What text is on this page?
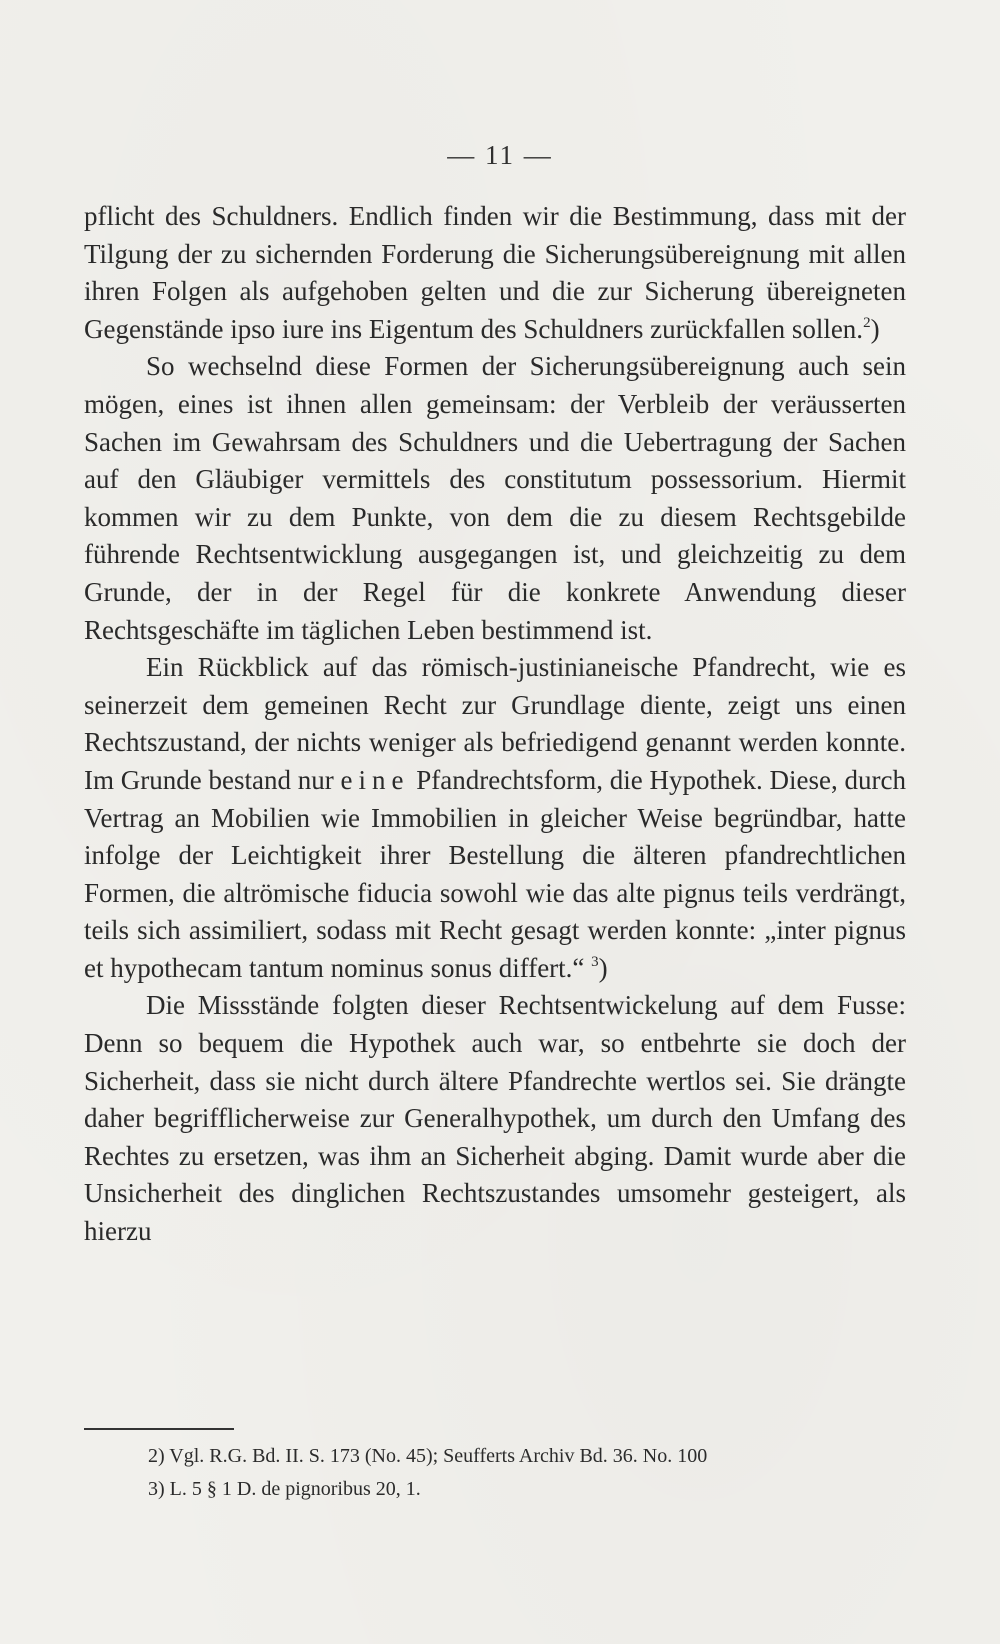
— 11 —

pflicht des Schuldners. Endlich finden wir die Bestimmung, dass mit der Tilgung der zu sichernden Forderung die Sicherungsübereignung mit allen ihren Folgen als aufgehoben gelten und die zur Sicherung übereigneten Gegenstände ipso iure ins Eigentum des Schuldners zurückfallen sollen.$^2$)

So wechselnd diese Formen der Sicherungsübereignung auch sein mögen, eines ist ihnen allen gemeinsam: der Verbleib der veräusserten Sachen im Gewahrsam des Schuldners und die Uebertragung der Sachen auf den Gläubiger vermittels des constitutum possessorium. Hiermit kommen wir zu dem Punkte, von dem die zu diesem Rechtsgebilde führende Rechtsentwicklung ausgegangen ist, und gleichzeitig zu dem Grunde, der in der Regel für die konkrete Anwendung dieser Rechtsgeschäfte im täglichen Leben bestimmend ist.

Ein Rückblick auf das römisch-justinianeische Pfandrecht, wie es seinerzeit dem gemeinen Recht zur Grundlage diente, zeigt uns einen Rechtszustand, der nichts weniger als befriedigend genannt werden konnte. Im Grunde bestand nur eine Pfandrechtsform, die Hypothek. Diese, durch Vertrag an Mobilien wie Immobilien in gleicher Weise begründbar, hatte infolge der Leichtigkeit ihrer Bestellung die älteren pfandrechtlichen Formen, die altrömische fiducia sowohl wie das alte pignus teils verdrängt, teils sich assimiliert, sodass mit Recht gesagt werden konnte: „inter pignus et hypothecam tantum nominus sonus differt.“ $^3$)

Die Missstände folgten dieser Rechtsentwickelung auf dem Fusse: Denn so bequem die Hypothek auch war, so entbehrte sie doch der Sicherheit, dass sie nicht durch ältere Pfandrechte wertlos sei. Sie drängte daher begrifflicherweise zur Generalhypothek, um durch den Umfang des Rechtes zu ersetzen, was ihm an Sicherheit abging. Damit wurde aber die Unsicherheit des dinglichen Rechtszustandes umsomehr gesteigert, als hierzu

2) Vgl. R.G. Bd. II. S. 173 (No. 45); Seufferts Archiv Bd. 36. No. 100

3) L. 5 § 1 D. de pignoribus 20, 1.
